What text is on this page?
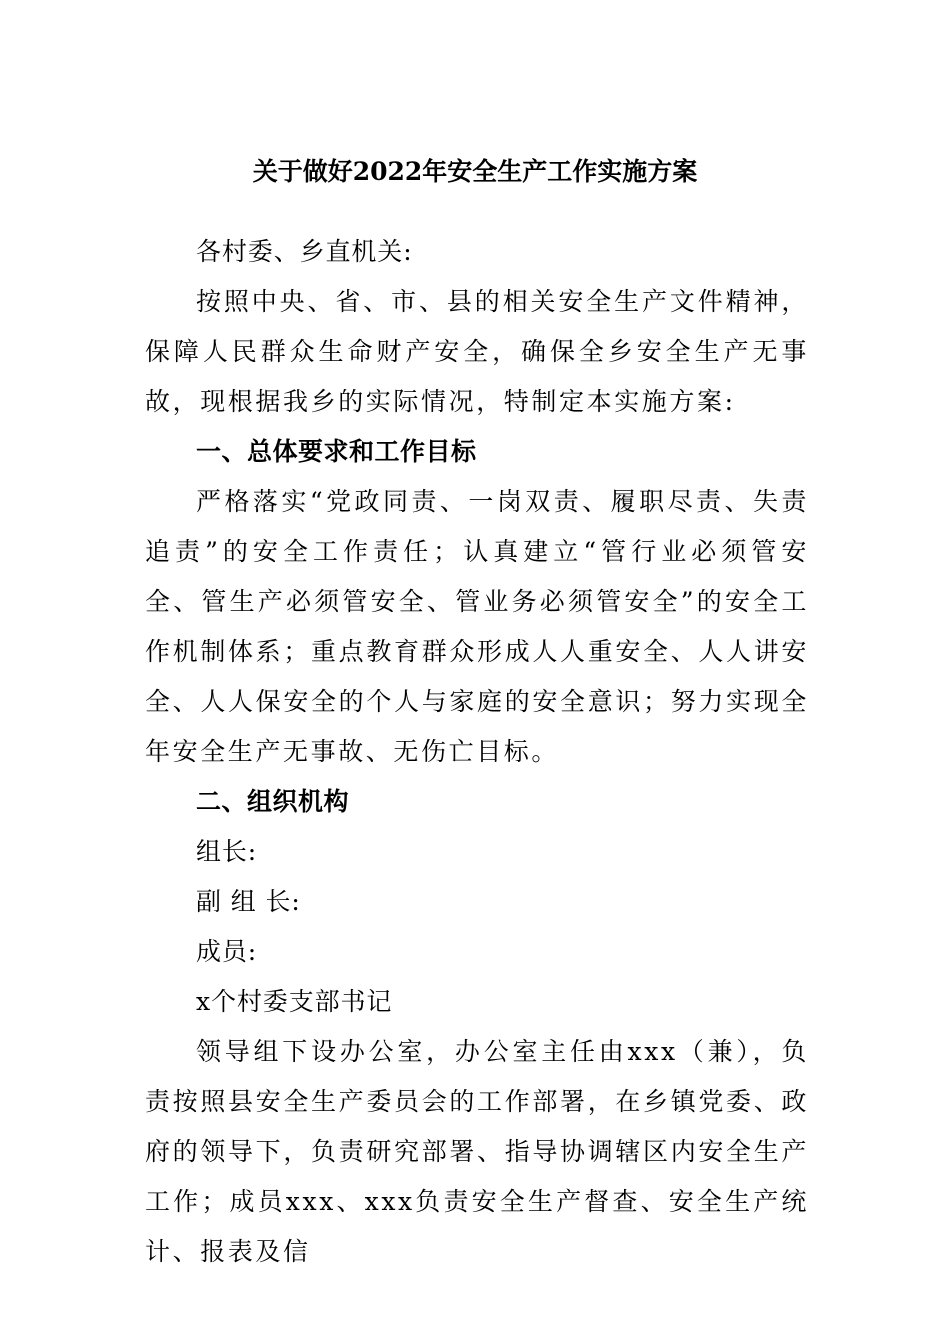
关于做好2022年安全生产工作实施方案
各村委、乡直机关:
按照中央、省、市、县的相关安全生产文件精神，保障人民群众生命财产安全，确保全乡安全生产无事故，现根据我乡的实际情况，特制定本实施方案:
一、总体要求和工作目标
严格落实“党政同责、一岗双责、履职尽责、失责追责”的安全工作责任；认真建立“管行业必须管安全、管生产必须管安全、管业务必须管安全”的安全工作机制体系；重点教育群众形成人人重安全、人人讲安全、人人保安全的个人与家庭的安全意识；努力实现全年安全生产无事故、无伤亡目标。
二、组织机构
组长:
副 组 长:
成员:
x个村委支部书记
领导组下设办公室，办公室主任由xxx（兼），负责按照县安全生产委员会的工作部署，在乡镇党委、政府的领导下，负责研究部署、指导协调辖区内安全生产工作；成员xxx、xxx负责安全生产督查、安全生产统计、报表及信
